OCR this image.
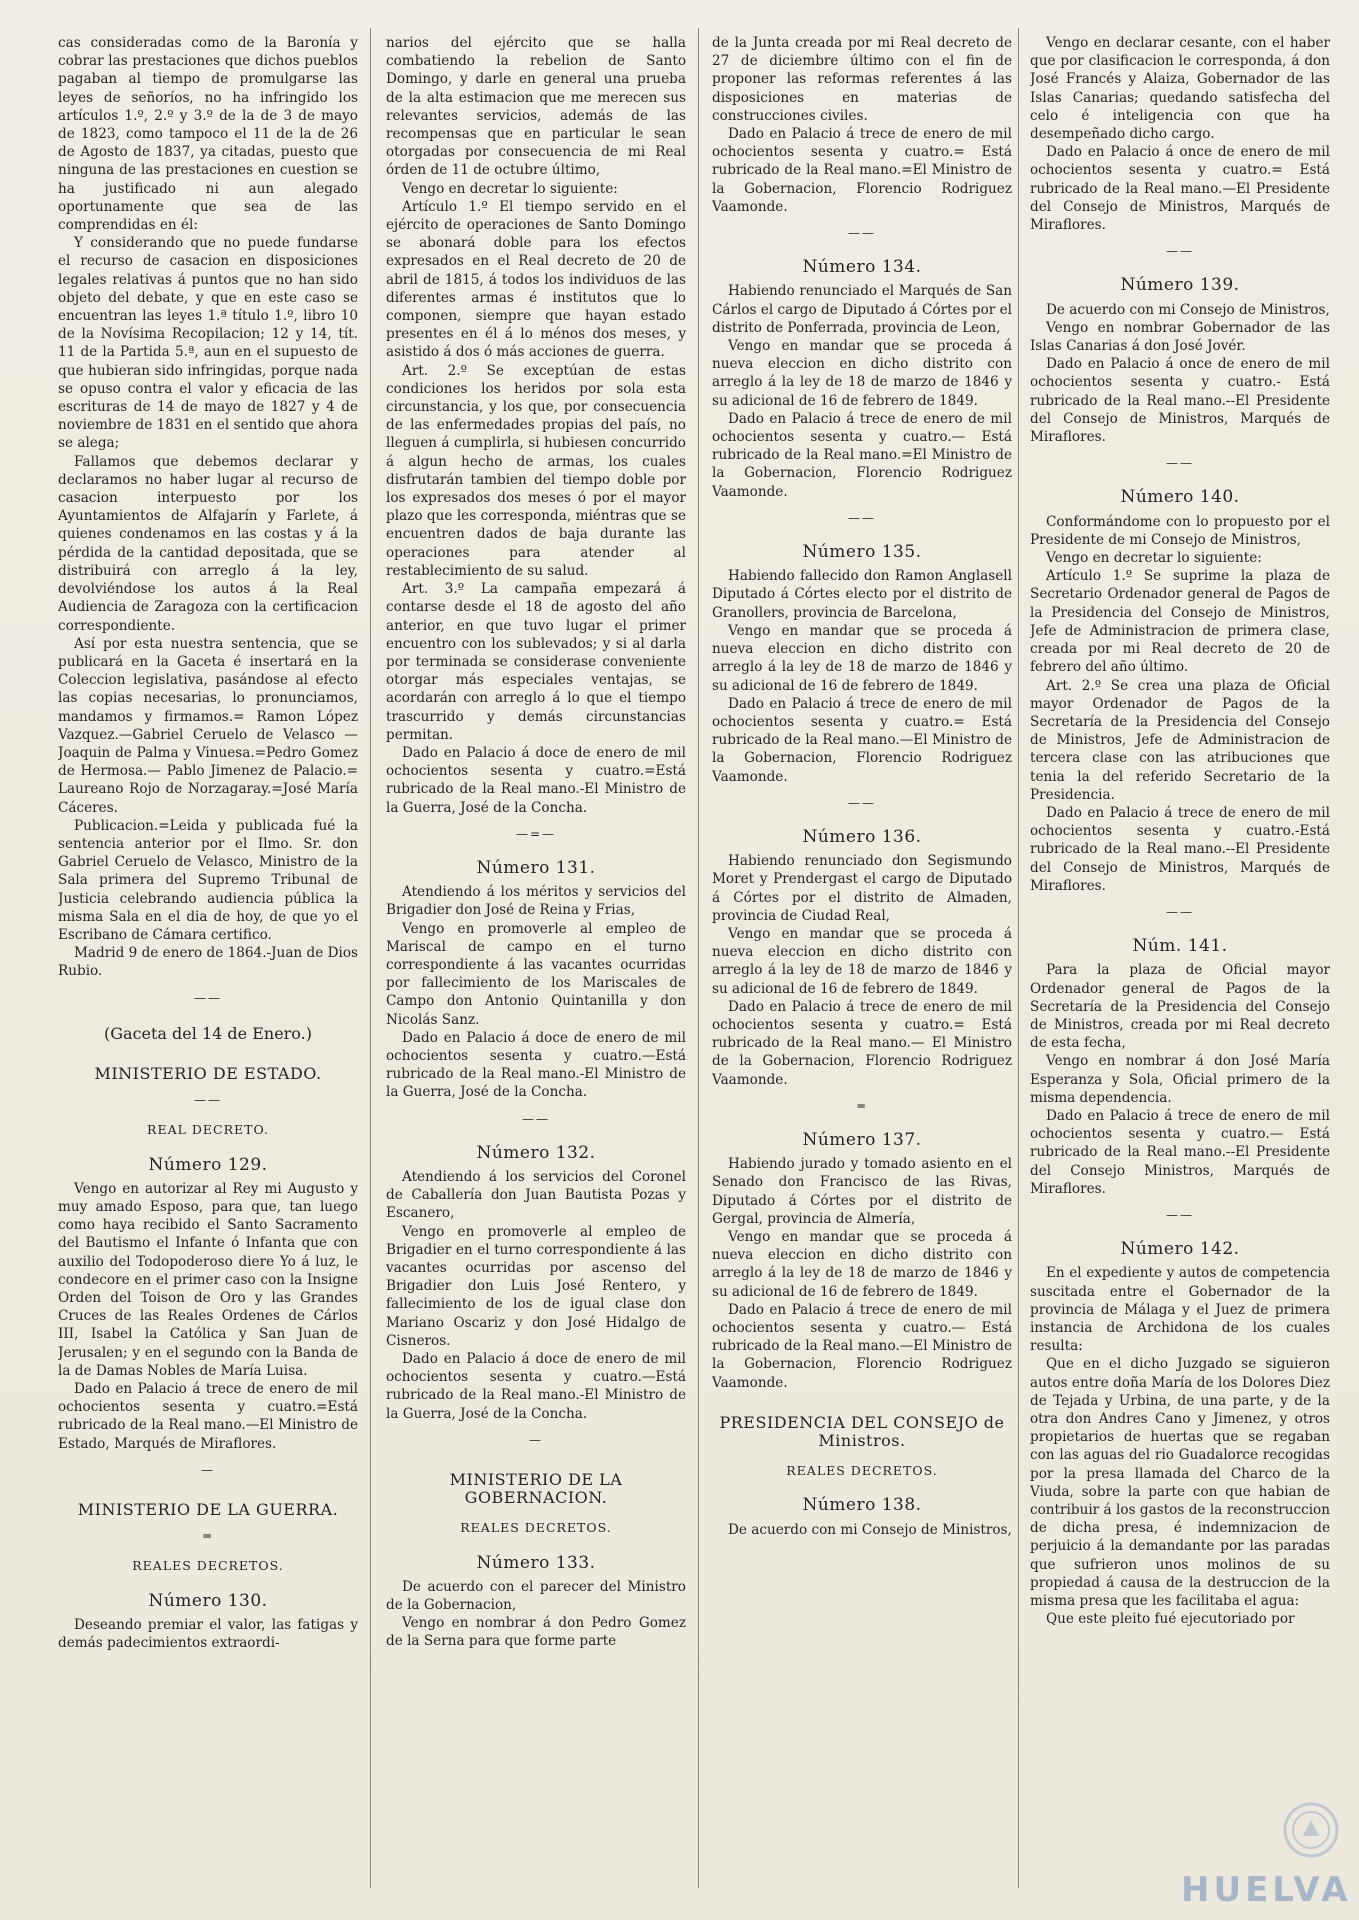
cas consideradas como de la Baronía y cobrar las prestaciones que dichos pueblos pagaban al tiempo de promulgarse las leyes de señoríos, no ha infringido los artículos 1.º, 2.º y 3.º de la de 3 de mayo de 1823, como tampoco el 11 de la de 26 de Agosto de 1837, ya citadas, puesto que ninguna de las prestaciones en cuestion se ha justificado ni aun alegado oportunamente que sea de las comprendidas en él:

Y considerando que no puede fundarse el recurso de casacion en disposiciones legales relativas á puntos que no han sido objeto del debate, y que en este caso se encuentran las leyes 1.ª título 1.º, libro 10 de la Novísima Recopilacion; 12 y 14, tít. 11 de la Partida 5.ª, aun en el supuesto de que hubieran sido infringidas, porque nada se opuso contra el valor y eficacia de las escrituras de 14 de mayo de 1827 y 4 de noviembre de 1831 en el sentido que ahora se alega;

Fallamos que debemos declarar y declaramos no haber lugar al recurso de casacion interpuesto por los Ayuntamientos de Alfajarín y Farlete, á quienes condenamos en las costas y á la pérdida de la cantidad depositada, que se distribuirá con arreglo á la ley, devolviéndose los autos á la Real Audiencia de Zaragoza con la certificacion correspondiente.

Así por esta nuestra sentencia, que se publicará en la Gaceta é insertará en la Coleccion legislativa, pasándose al efecto las copias necesarias, lo pronunciamos, mandamos y firmamos.= Ramon López Vazquez.—Gabriel Ceruelo de Velasco —Joaquin de Palma y Vinuesa.=Pedro Gomez de Hermosa.— Pablo Jimenez de Palacio.= Laureano Rojo de Norzagaray.=José María Cáceres.

Publicacion.=Leida y publicada fué la sentencia anterior por el Ilmo. Sr. don Gabriel Ceruelo de Velasco, Ministro de la Sala primera del Supremo Tribunal de Justicia celebrando audiencia pública la misma Sala en el dia de hoy, de que yo el Escribano de Cámara certifico.

Madrid 9 de enero de 1864.-Juan de Dios Rubio.

——
(Gaceta del 14 de Enero.)
MINISTERIO DE ESTADO.
——
REAL DECRETO.
Número 129.

Vengo en autorizar al Rey mi Augusto y muy amado Esposo, para que, tan luego como haya recibido el Santo Sacramento del Bautismo el Infante ó Infanta que con auxilio del Todopoderoso diere Yo á luz, le condecore en el primer caso con la Insigne Orden del Toison de Oro y las Grandes Cruces de las Reales Ordenes de Cárlos III, Isabel la Católica y San Juan de Jerusalen; y en el segundo con la Banda de la de Damas Nobles de María Luisa.

Dado en Palacio á trece de enero de mil ochocientos sesenta y cuatro.=Está rubricado de la Real mano.—El Ministro de Estado, Marqués de Miraflores.

—
MINISTERIO DE LA GUERRA.
═
REALES DECRETOS.
Número 130.

Deseando premiar el valor, las fatigas y demás padecimientos extraordi-

narios del ejército que se halla combatiendo la rebelion de Santo Domingo, y darle en general una prueba de la alta estimacion que me merecen sus relevantes servicios, además de las recompensas que en particular le sean otorgadas por consecuencia de mi Real órden de 11 de octubre último,

Vengo en decretar lo siguiente:

Artículo 1.º El tiempo servido en el ejército de operaciones de Santo Domingo se abonará doble para los efectos expresados en el Real decreto de 20 de abril de 1815, á todos los individuos de las diferentes armas é institutos que lo componen, siempre que hayan estado presentes en él á lo ménos dos meses, y asistido á dos ó más acciones de guerra.

Art. 2.º Se exceptúan de estas condiciones los heridos por sola esta circunstancia, y los que, por consecuencia de las enfermedades propias del país, no lleguen á cumplirla, si hubiesen concurrido á algun hecho de armas, los cuales disfrutarán tambien del tiempo doble por los expresados dos meses ó por el mayor plazo que les corresponda, miéntras que se encuentren dados de baja durante las operaciones para atender al restablecimiento de su salud.

Art. 3.º La campaña empezará á contarse desde el 18 de agosto del año anterior, en que tuvo lugar el primer encuentro con los sublevados; y si al darla por terminada se considerase conveniente otorgar más especiales ventajas, se acordarán con arreglo á lo que el tiempo trascurrido y demás circunstancias permitan.

Dado en Palacio á doce de enero de mil ochocientos sesenta y cuatro.=Está rubricado de la Real mano.-El Ministro de la Guerra, José de la Concha.

—=—
Número 131.

Atendiendo á los méritos y servicios del Brigadier don José de Reina y Frias,

Vengo en promoverle al empleo de Mariscal de campo en el turno correspondiente á las vacantes ocurridas por fallecimiento de los Mariscales de Campo don Antonio Quintanilla y don Nicolás Sanz.

Dado en Palacio á doce de enero de mil ochocientos sesenta y cuatro.—Está rubricado de la Real mano.-El Ministro de la Guerra, José de la Concha.

——
Número 132.

Atendiendo á los servicios del Coronel de Caballería don Juan Bautista Pozas y Escanero,

Vengo en promoverle al empleo de Brigadier en el turno correspondiente á las vacantes ocurridas por ascenso del Brigadier don Luis José Rentero, y fallecimiento de los de igual clase don Mariano Oscariz y don José Hidalgo de Cisneros.

Dado en Palacio á doce de enero de mil ochocientos sesenta y cuatro.—Está rubricado de la Real mano.-El Ministro de la Guerra, José de la Concha.

—
MINISTERIO DE LA GOBERNACION.
REALES DECRETOS.
Número 133.

De acuerdo con el parecer del Ministro de la Gobernacion,

Vengo en nombrar á don Pedro Gomez de la Serna para que forme parte

de la Junta creada por mi Real decreto de 27 de diciembre último con el fin de proponer las reformas referentes á las disposiciones en materias de construcciones civiles.

Dado en Palacio á trece de enero de mil ochocientos sesenta y cuatro.= Está rubricado de la Real mano.=El Ministro de la Gobernacion, Florencio Rodriguez Vaamonde.

——
Número 134.

Habiendo renunciado el Marqués de San Cárlos el cargo de Diputado á Córtes por el distrito de Ponferrada, provincia de Leon,

Vengo en mandar que se proceda á nueva eleccion en dicho distrito con arreglo á la ley de 18 de marzo de 1846 y su adicional de 16 de febrero de 1849.

Dado en Palacio á trece de enero de mil ochocientos sesenta y cuatro.— Está rubricado de la Real mano.=El Ministro de la Gobernacion, Florencio Rodriguez Vaamonde.

——
Número 135.

Habiendo fallecido don Ramon Anglasell Diputado á Córtes electo por el distrito de Granollers, provincia de Barcelona,

Vengo en mandar que se proceda á nueva eleccion en dicho distrito con arreglo á la ley de 18 de marzo de 1846 y su adicional de 16 de febrero de 1849.

Dado en Palacio á trece de enero de mil ochocientos sesenta y cuatro.= Está rubricado de la Real mano.—El Ministro de la Gobernacion, Florencio Rodriguez Vaamonde.

——
Número 136.

Habiendo renunciado don Segismundo Moret y Prendergast el cargo de Diputado á Córtes por el distrito de Almaden, provincia de Ciudad Real,

Vengo en mandar que se proceda á nueva eleccion en dicho distrito con arreglo á la ley de 18 de marzo de 1846 y su adicional de 16 de febrero de 1849.

Dado en Palacio á trece de enero de mil ochocientos sesenta y cuatro.= Está rubricado de la Real mano.— El Ministro de la Gobernacion, Florencio Rodriguez Vaamonde.

═
Número 137.

Habiendo jurado y tomado asiento en el Senado don Francisco de las Rivas, Diputado á Córtes por el distrito de Gergal, provincia de Almería,

Vengo en mandar que se proceda á nueva eleccion en dicho distrito con arreglo á la ley de 18 de marzo de 1846 y su adicional de 16 de febrero de 1849.

Dado en Palacio á trece de enero de mil ochocientos sesenta y cuatro.— Está rubricado de la Real mano.—El Ministro de la Gobernacion, Florencio Rodriguez Vaamonde.

PRESIDENCIA DEL CONSEJO de Ministros.
REALES DECRETOS.
Número 138.

De acuerdo con mi Consejo de Ministros,

Vengo en declarar cesante, con el haber que por clasificacion le corresponda, á don José Francés y Alaiza, Gobernador de las Islas Canarias; quedando satisfecha del celo é inteligencia con que ha desempeñado dicho cargo.

Dado en Palacio á once de enero de mil ochocientos sesenta y cuatro.= Está rubricado de la Real mano.—El Presidente del Consejo de Ministros, Marqués de Miraflores.

——
Número 139.

De acuerdo con mi Consejo de Ministros,

Vengo en nombrar Gobernador de las Islas Canarias á don José Jovér.

Dado en Palacio á once de enero de mil ochocientos sesenta y cuatro.- Está rubricado de la Real mano.--El Presidente del Consejo de Ministros, Marqués de Miraflores.

——
Número 140.

Conformándome con lo propuesto por el Presidente de mi Consejo de Ministros,

Vengo en decretar lo siguiente:

Artículo 1.º Se suprime la plaza de Secretario Ordenador general de Pagos de la Presidencia del Consejo de Ministros, Jefe de Administracion de primera clase, creada por mi Real decreto de 20 de febrero del año último.

Art. 2.º Se crea una plaza de Oficial mayor Ordenador de Pagos de la Secretaría de la Presidencia del Consejo de Ministros, Jefe de Administracion de tercera clase con las atribuciones que tenia la del referido Secretario de la Presidencia.

Dado en Palacio á trece de enero de mil ochocientos sesenta y cuatro.-Está rubricado de la Real mano.--El Presidente del Consejo de Ministros, Marqués de Miraflores.

——
Núm. 141.

Para la plaza de Oficial mayor Ordenador general de Pagos de la Secretaría de la Presidencia del Consejo de Ministros, creada por mi Real decreto de esta fecha,

Vengo en nombrar á don José María Esperanza y Sola, Oficial primero de la misma dependencia.

Dado en Palacio á trece de enero de mil ochocientos sesenta y cuatro.— Está rubricado de la Real mano.--El Presidente del Consejo Ministros, Marqués de Miraflores.

——
Número 142.

En el expediente y autos de competencia suscitada entre el Gobernador de la provincia de Málaga y el Juez de primera instancia de Archidona de los cuales resulta:

Que en el dicho Juzgado se siguieron autos entre doña María de los Dolores Diez de Tejada y Urbina, de una parte, y de la otra don Andres Cano y Jimenez, y otros propietarios de huertas que se regaban con las aguas del rio Guadalorce recogidas por la presa llamada del Charco de la Viuda, sobre la parte con que habian de contribuir á los gastos de la reconstruccion de dicha presa, é indemnizacion de perjuicio á la demandante por las paradas que sufrieron unos molinos de su propiedad á causa de la destruccion de la misma presa que les facilitaba el agua:

Que este pleito fué ejecutoriado por

HUELVA
